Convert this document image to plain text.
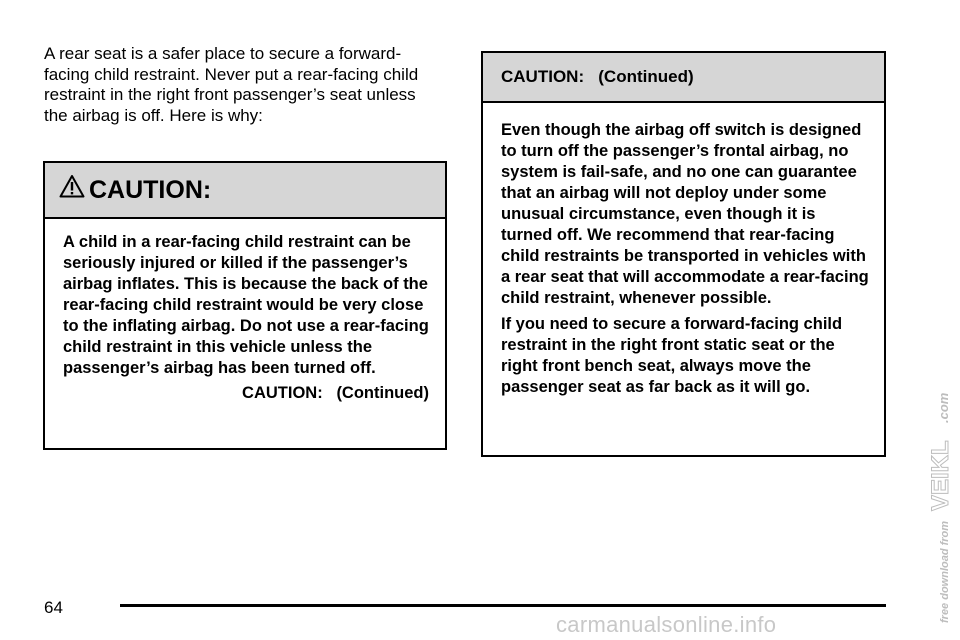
A rear seat is a safer place to secure a forward-facing child restraint. Never put a rear-facing child restraint in the right front passenger’s seat unless the airbag is off. Here is why:

CAUTION:

A child in a rear-facing child restraint can be seriously injured or killed if the passenger’s airbag inflates. This is because the back of the rear-facing child restraint would be very close to the inflating airbag. Do not use a rear-facing child restraint in this vehicle unless the passenger’s airbag has been turned off.

CAUTION:   (Continued)
CAUTION:   (Continued)

Even though the airbag off switch is designed to turn off the passenger’s frontal airbag, no system is fail-safe, and no one can guarantee that an airbag will not deploy under some unusual circumstance, even though it is turned off. We recommend that rear-facing child restraints be transported in vehicles with a rear seat that will accommodate a rear-facing child restraint, whenever possible.

If you need to secure a forward-facing child restraint in the right front static seat or the right front bench seat, always move the passenger seat as far back as it will go.

64
carmanualsonline.info
free download from
VEIKL
.com
